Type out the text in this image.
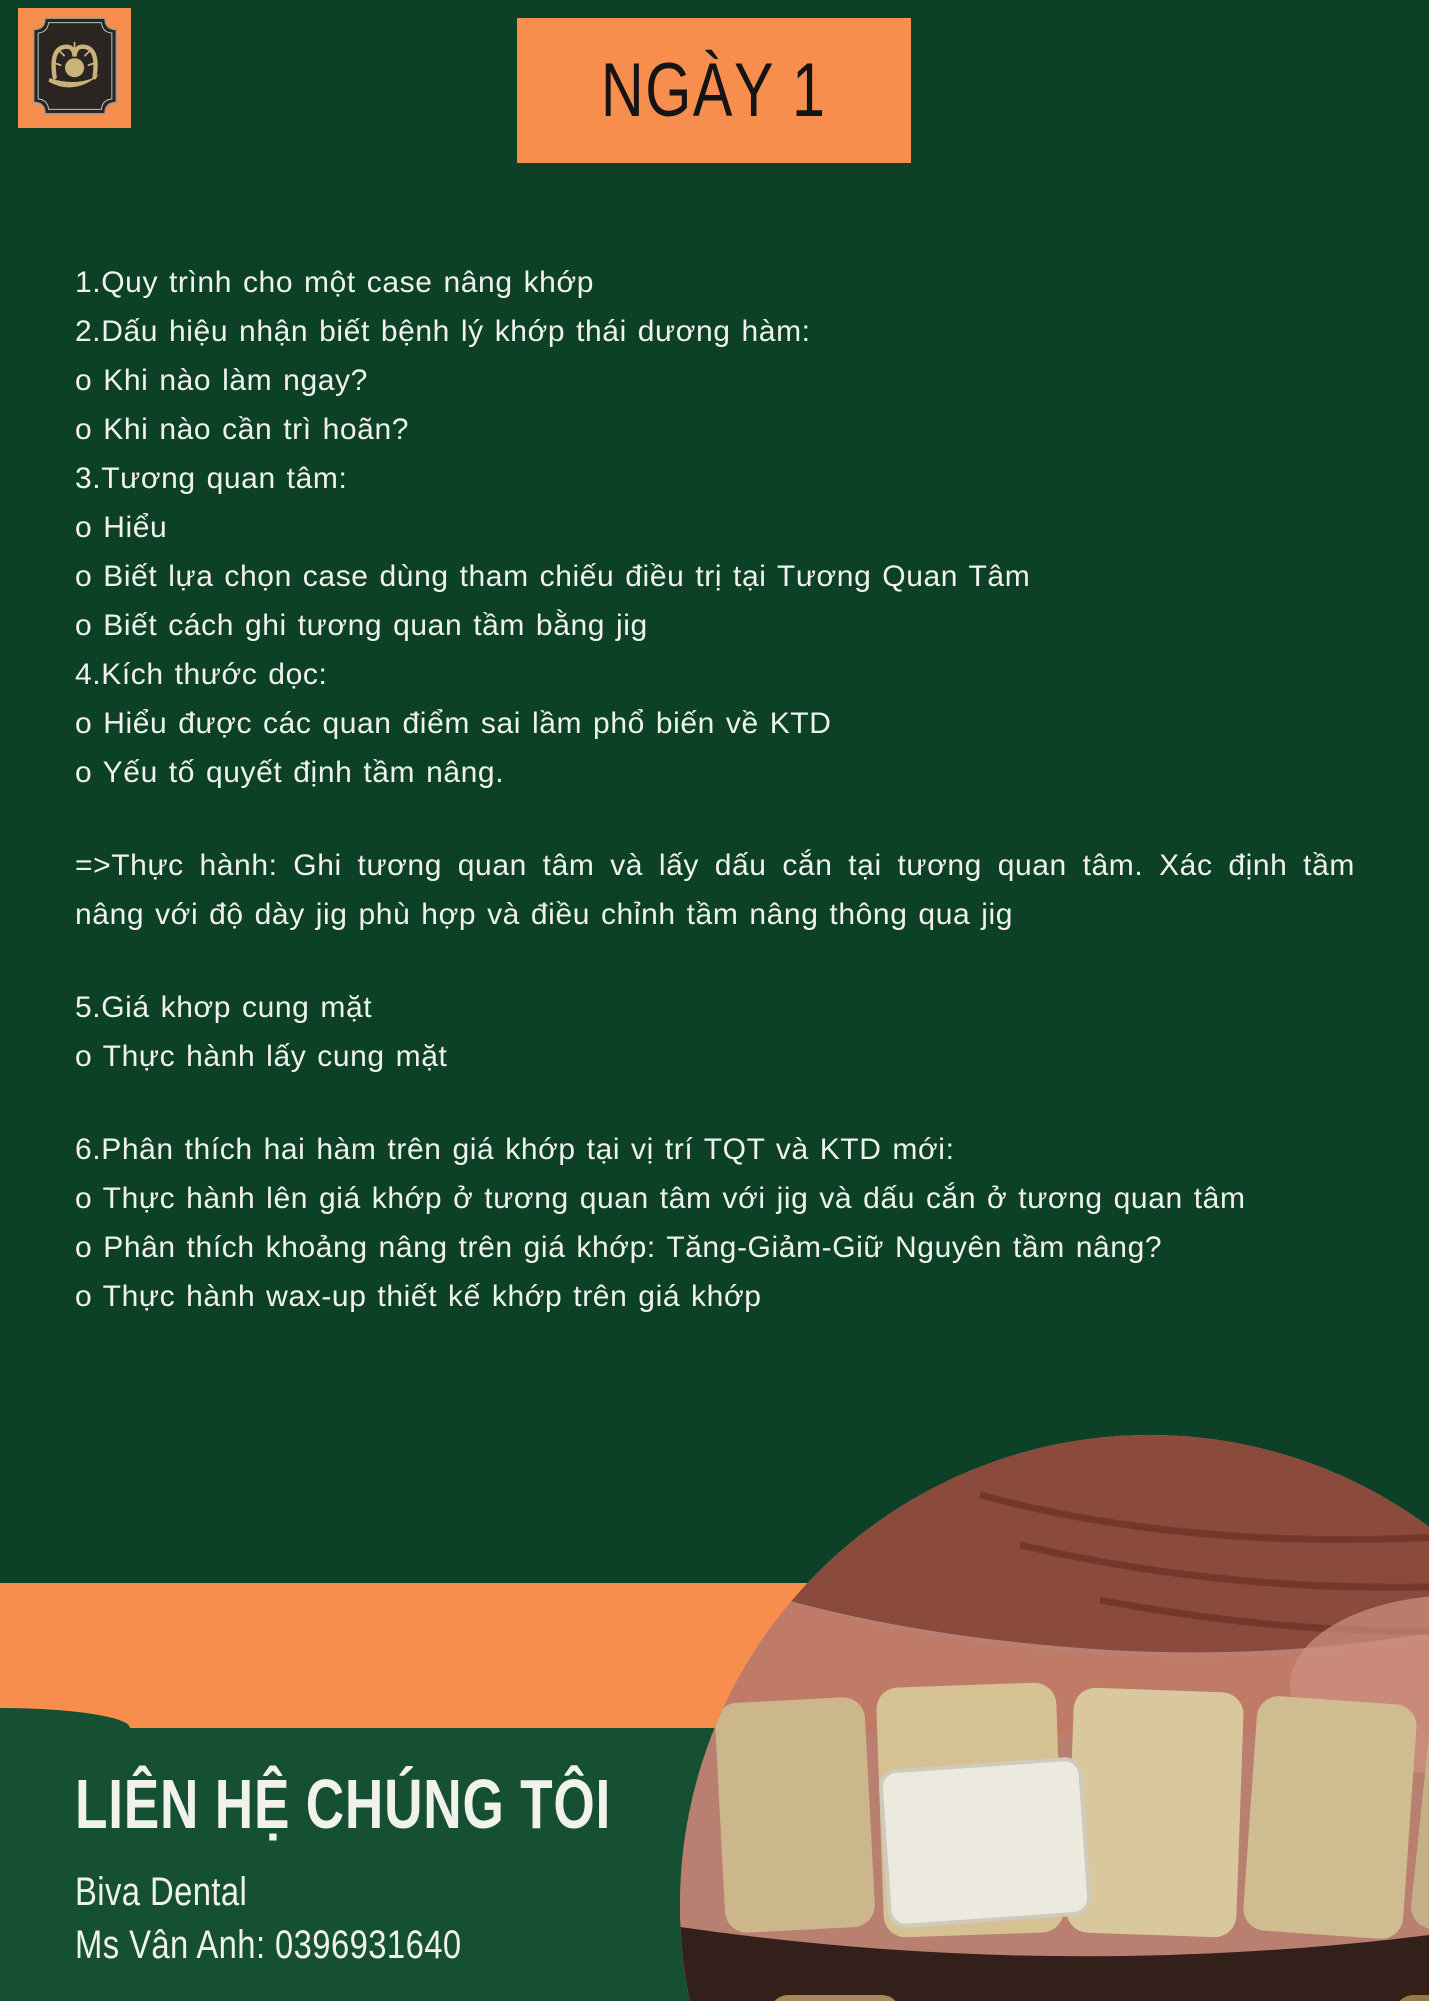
NGÀY 1

1.Quy trình cho một case nâng khớp

2.Dấu hiệu nhận biết bệnh lý khớp thái dương hàm:

o Khi nào làm ngay?

o Khi nào cần trì hoãn?

3.Tương quan tâm:

o Hiểu

o Biết lựa chọn case dùng tham chiếu điều trị tại Tương Quan Tâm

o Biết cách ghi tương quan tầm bằng jig

4.Kích thước dọc:

o Hiểu được các quan điểm sai lầm phổ biến về KTD

o Yếu tố quyết định tầm nâng.

=>Thực hành: Ghi tương quan tâm và lấy dấu cắn tại tương quan tâm. Xác định tầm nâng với độ dày jig phù hợp và điều chỉnh tầm nâng thông qua jig

5.Giá khơp cung mặt

o Thực hành lấy cung mặt

6.Phân thích hai hàm trên giá khớp tại vị trí TQT và KTD mới:

o Thực hành lên giá khớp ở tương quan tâm với jig và dấu cắn ở tương quan tâm

o Phân thích khoảng nâng trên giá khớp: Tăng-Giảm-Giữ Nguyên tầm nâng?

o Thực hành wax-up thiết kế khớp trên giá khớp

LIÊN HỆ CHÚNG TÔI
Biva Dental
Ms Vân Anh: 0396931640
